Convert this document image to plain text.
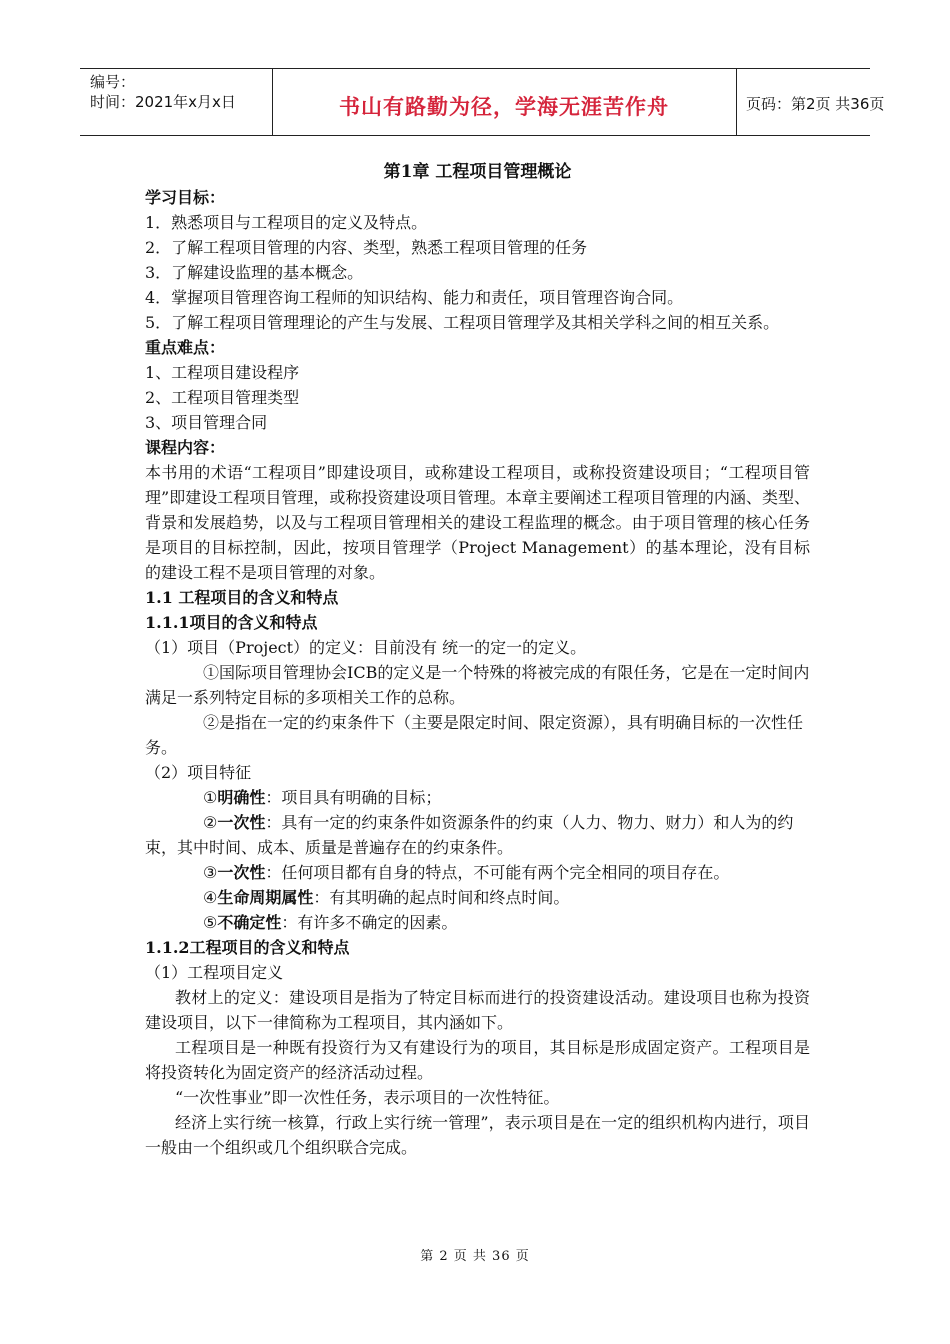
编号：
时间：2021年x月x日	书山有路勤为径，学海无涯苦作舟	页码：第2页 共36页
第1章 工程项目管理概论

学习目标：

1．熟悉项目与工程项目的定义及特点。

2．了解工程项目管理的内容、类型，熟悉工程项目管理的任务

3．了解建设监理的基本概念。

4．掌握项目管理咨询工程师的知识结构、能力和责任，项目管理咨询合同。

5．了解工程项目管理理论的产生与发展、工程项目管理学及其相关学科之间的相互关系。

重点难点：

1、工程项目建设程序

2、工程项目管理类型

3、项目管理合同

课程内容：

本书用的术语“工程项目”即建设项目，或称建设工程项目，或称投资建设项目；“工程项目管理”即建设工程项目管理，或称投资建设项目管理。本章主要阐述工程项目管理的内涵、类型、背景和发展趋势，以及与工程项目管理相关的建设工程监理的概念。由于项目管理的核心任务是项目的目标控制，因此，按项目管理学（Project Management）的基本理论，没有目标的建设工程不是项目管理的对象。

1.1 工程项目的含义和特点

1.1.1项目的含义和特点

（1）项目（Project）的定义：目前没有 统一的定一的定义。

①国际项目管理协会ICB的定义是一个特殊的将被完成的有限任务，它是在一定时间内满足一系列特定目标的多项相关工作的总称。

②是指在一定的约束条件下（主要是限定时间、限定资源），具有明确目标的一次性任务。

（2）项目特征

①明确性：项目具有明确的目标；

②一次性：具有一定的约束条件如资源条件的约束（人力、物力、财力）和人为的约束，其中时间、成本、质量是普遍存在的约束条件。

③一次性：任何项目都有自身的特点，不可能有两个完全相同的项目存在。

④生命周期属性：有其明确的起点时间和终点时间。

⑤不确定性：有许多不确定的因素。

1.1.2工程项目的含义和特点

（1）工程项目定义

教材上的定义：建设项目是指为了特定目标而进行的投资建设活动。建设项目也称为投资建设项目，以下一律简称为工程项目，其内涵如下。

工程项目是一种既有投资行为又有建设行为的项目，其目标是形成固定资产。工程项目是将投资转化为固定资产的经济活动过程。

“一次性事业”即一次性任务，表示项目的一次性特征。

经济上实行统一核算，行政上实行统一管理”，表示项目是在一定的组织机构内进行，项目一般由一个组织或几个组织联合完成。

第 2 页 共 36 页
